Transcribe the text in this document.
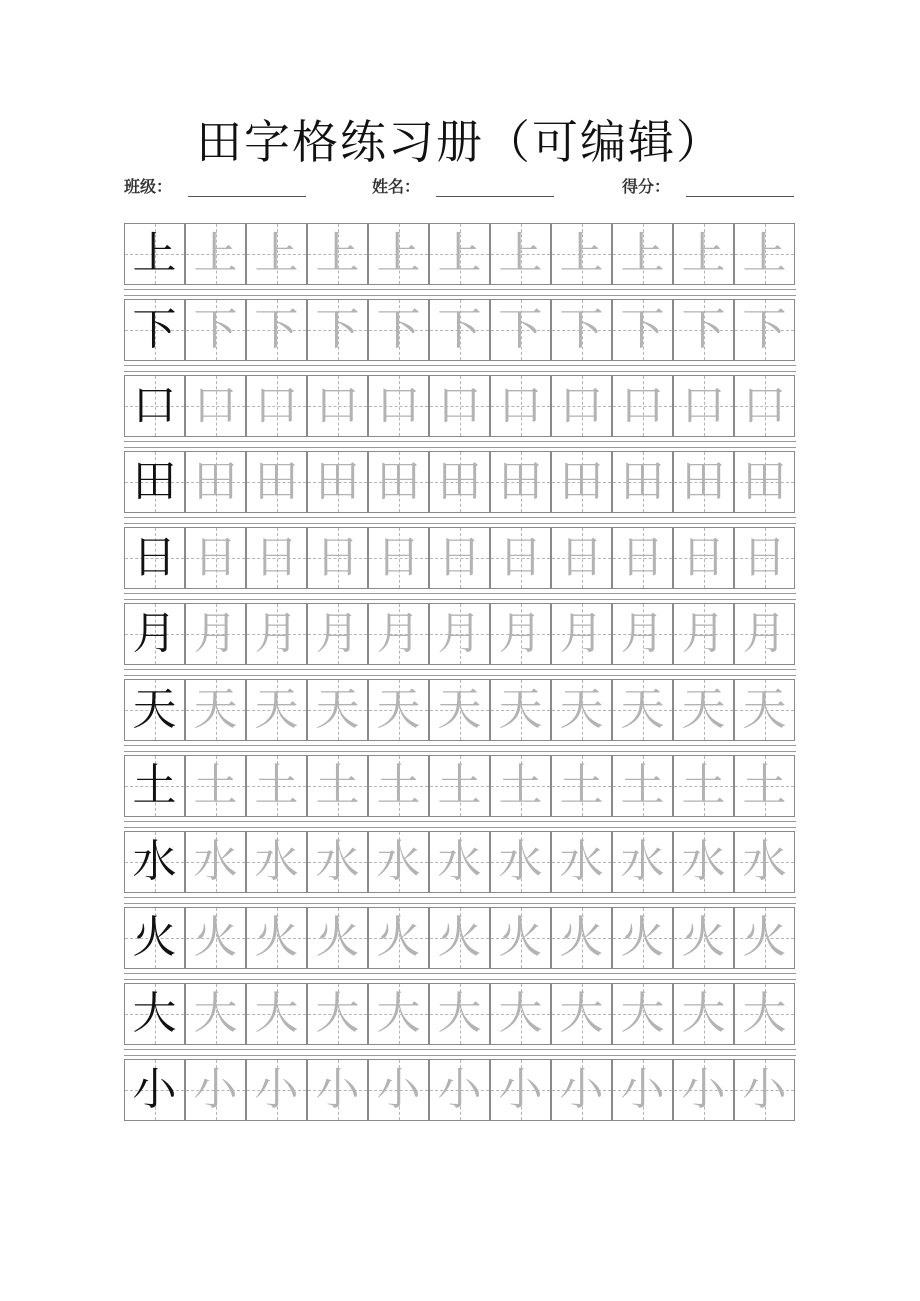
田字格练习册（可编辑）
班级：	姓名：	得分：
上 上 上 上 上 上 上 上 上 上 上
下 下 下 下 下 下 下 下 下 下 下
口 口 口 口 口 口 口 口 口 口 口
田 田 田 田 田 田 田 田 田 田 田
日 日 日 日 日 日 日 日 日 日 日
月 月 月 月 月 月 月 月 月 月 月
天 天 天 天 天 天 天 天 天 天 天
土 土 土 土 土 土 土 土 土 土 土
水 水 水 水 水 水 水 水 水 水 水
火 火 火 火 火 火 火 火 火 火 火
大 大 大 大 大 大 大 大 大 大 大
小 小 小 小 小 小 小 小 小 小 小
